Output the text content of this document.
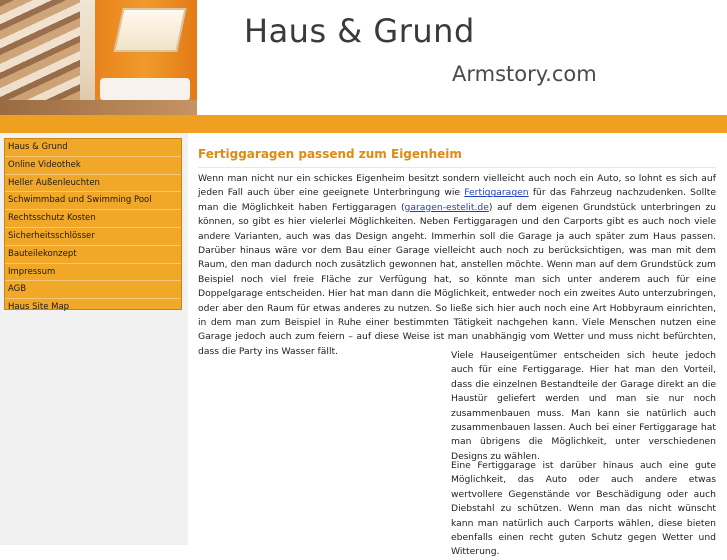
Haus & Grund

Armstory.com

Haus & Grund
Online Videothek
Heller Außenleuchten
Schwimmbad und Swimming Pool
Rechtsschutz Kosten
Sicherheitsschlösser
Bauteilekonzept
Impressum
AGB
Haus Site Map
Fertiggaragen passend zum Eigenheim

Wenn man nicht nur ein schickes Eigenheim besitzt sondern vielleicht auch noch ein Auto, so lohnt es sich auf jeden Fall auch über eine geeignete Unterbringung wie Fertiggaragen für das Fahrzeug nachzudenken. Sollte man die Möglichkeit haben Fertiggaragen (garagen-estelit.de) auf dem eigenen Grundstück unterbringen zu können, so gibt es hier vielerlei Möglichkeiten. Neben Fertiggaragen und den Carports gibt es auch noch viele andere Varianten, auch was das Design angeht. Immerhin soll die Garage ja auch später zum Haus passen. Darüber hinaus wäre vor dem Bau einer Garage vielleicht auch noch zu berücksichtigen, was man mit dem Raum, den man dadurch noch zusätzlich gewonnen hat, anstellen möchte. Wenn man auf dem Grundstück zum Beispiel noch viel freie Fläche zur Verfügung hat, so könnte man sich unter anderem auch für eine Doppelgarage entscheiden. Hier hat man dann die Möglichkeit, entweder noch ein zweites Auto unterzubringen, oder aber den Raum für etwas anderes zu nutzen. So ließe sich hier auch noch eine Art Hobbyraum einrichten, in dem man zum Beispiel in Ruhe einer bestimmten Tätigkeit nachgehen kann. Viele Menschen nutzen eine Garage jedoch auch zum feiern – auf diese Weise ist man unabhängig vom Wetter und muss nicht befürchten, dass die Party ins Wasser fällt.	Viele Hauseigentümer entscheiden sich heute jedoch auch für eine Fertiggarage. Hier hat man den Vorteil, dass die einzelnen Bestandteile der Garage direkt an die Haustür geliefert werden und man sie nur noch zusammenbauen muss. Man kann sie natürlich auch zusammenbauen lassen. Auch bei einer Fertiggarage hat man übrigens die Möglichkeit, unter verschiedenen Designs zu wählen.

Eine Fertiggarage ist darüber hinaus auch eine gute Möglichkeit, das Auto oder auch andere etwas wertvollere Gegenstände vor Beschädigung oder auch Diebstahl zu schützen. Wenn man das nicht wünscht kann man natürlich auch Carports wählen, diese bieten ebenfalls einen recht guten Schutz gegen Wetter und Witterung.
